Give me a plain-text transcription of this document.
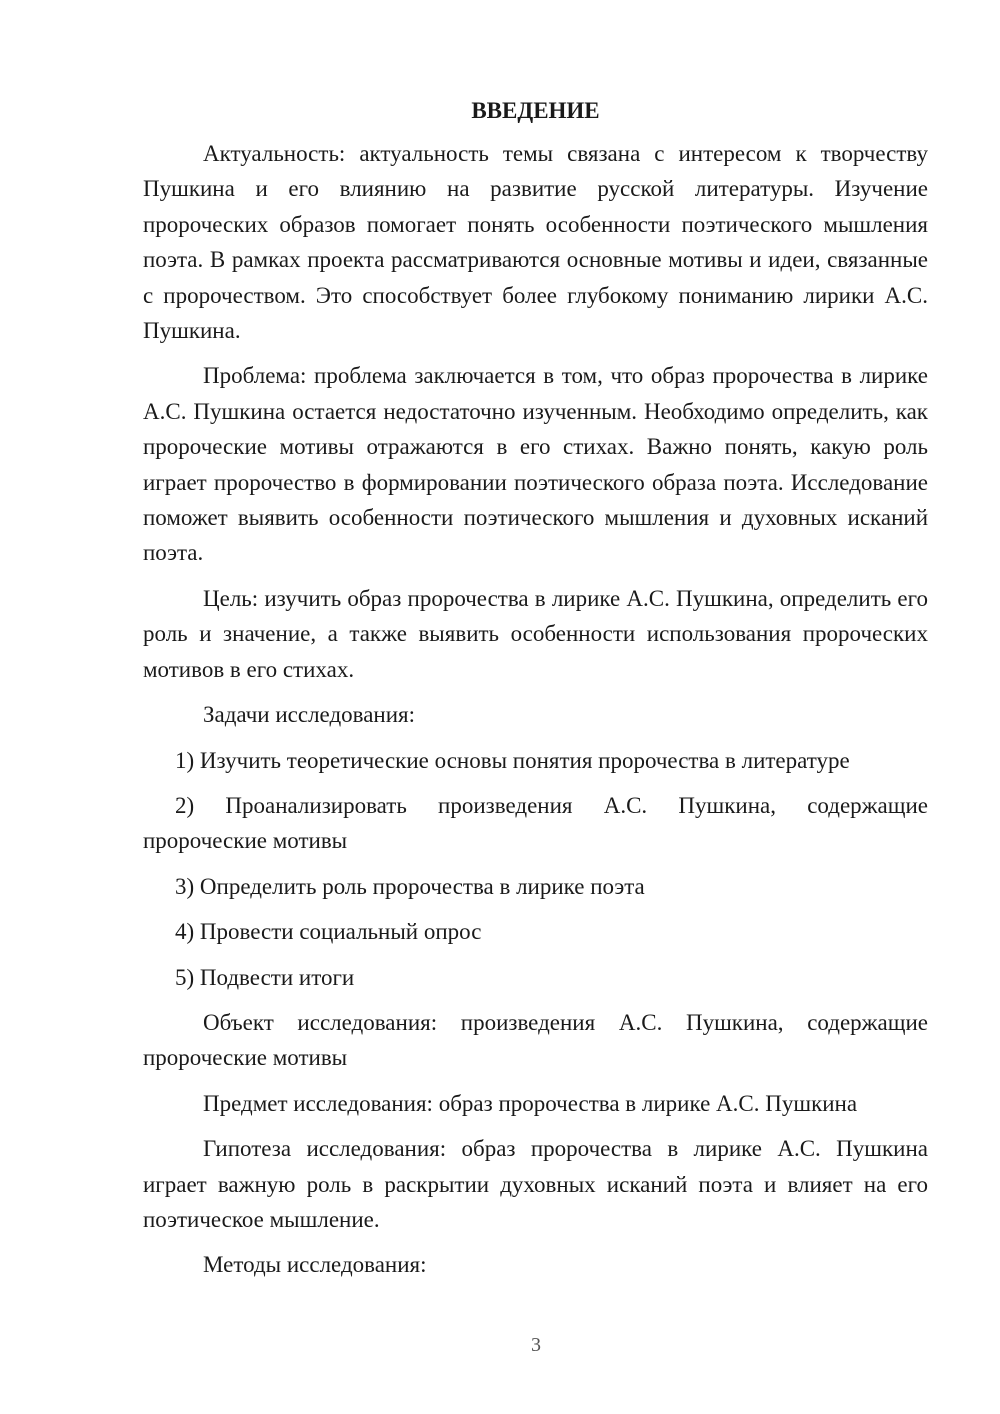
ВВЕДЕНИЕ

Актуальность: актуальность темы связана с интересом к творчеству Пушкина и его влиянию на развитие русской литературы. Изучение пророческих образов помогает понять особенности поэтического мышления поэта. В рамках проекта рассматриваются основные мотивы и идеи, связанные с пророчеством. Это способствует более глубокому пониманию лирики А.С. Пушкина.

Проблема: проблема заключается в том, что образ пророчества в лирике А.С. Пушкина остается недостаточно изученным. Необходимо определить, как пророческие мотивы отражаются в его стихах. Важно понять, какую роль играет пророчество в формировании поэтического образа поэта. Исследование поможет выявить особенности поэтического мышления и духовных исканий поэта.

Цель: изучить образ пророчества в лирике А.С. Пушкина, определить его роль и значение, а также выявить особенности использования пророческих мотивов в его стихах.

Задачи исследования:

1) Изучить теоретические основы понятия пророчества в литературе

2) Проанализировать произведения А.С. Пушкина, содержащие пророческие мотивы

3) Определить роль пророчества в лирике поэта

4) Провести социальный опрос

5) Подвести итоги

Объект исследования: произведения А.С. Пушкина, содержащие пророческие мотивы

Предмет исследования: образ пророчества в лирике А.С. Пушкина

Гипотеза исследования: образ пророчества в лирике А.С. Пушкина играет важную роль в раскрытии духовных исканий поэта и влияет на его поэтическое мышление.

Методы исследования:

3
